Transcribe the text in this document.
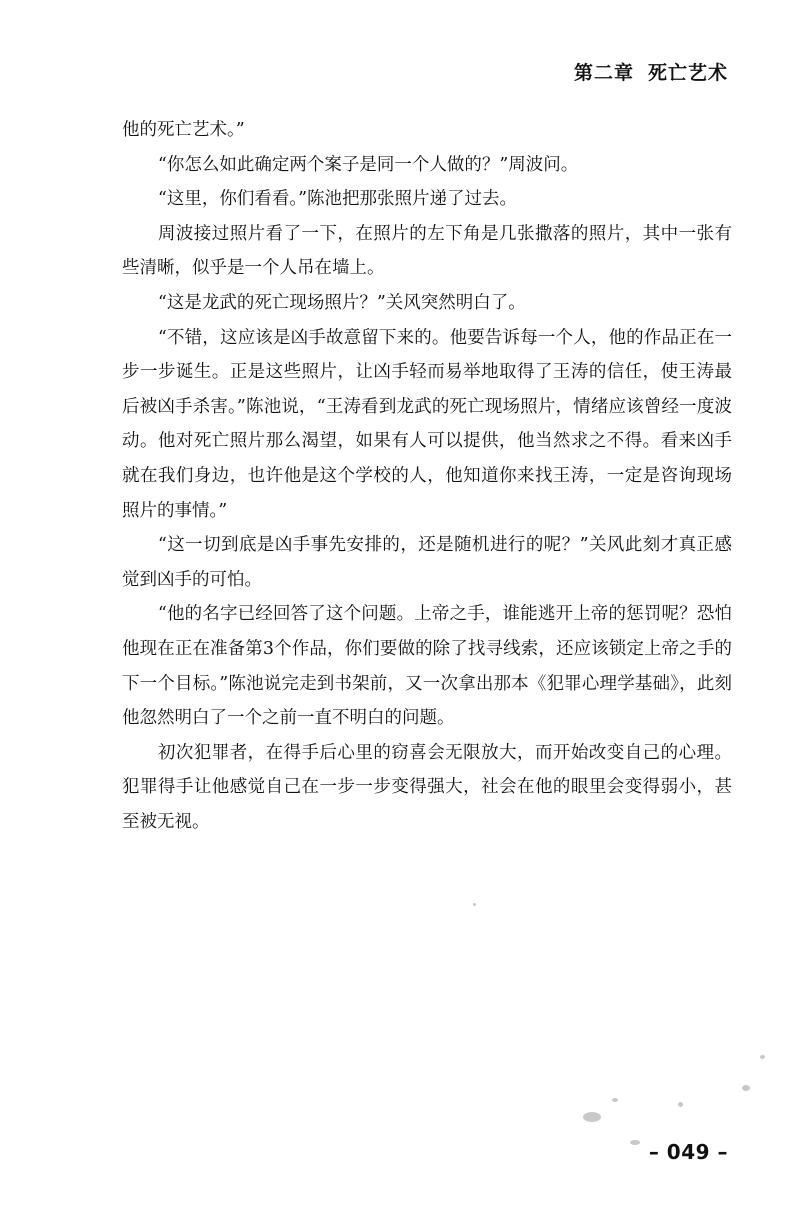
第二章 死亡艺术

他的死亡艺术。”

“你怎么如此确定两个案子是同一个人做的？”周波问。

“这里，你们看看。”陈池把那张照片递了过去。

周波接过照片看了一下，在照片的左下角是几张撒落的照片，其中一张有些清晰，似乎是一个人吊在墙上。

“这是龙武的死亡现场照片？”关风突然明白了。

“不错，这应该是凶手故意留下来的。他要告诉每一个人，他的作品正在一步一步诞生。正是这些照片，让凶手轻而易举地取得了王涛的信任，使王涛最后被凶手杀害。”陈池说，“王涛看到龙武的死亡现场照片，情绪应该曾经一度波动。他对死亡照片那么渴望，如果有人可以提供，他当然求之不得。看来凶手就在我们身边，也许他是这个学校的人，他知道你来找王涛，一定是咨询现场照片的事情。”

“这一切到底是凶手事先安排的，还是随机进行的呢？”关风此刻才真正感觉到凶手的可怕。

“他的名字已经回答了这个问题。上帝之手，谁能逃开上帝的惩罚呢？恐怕他现在正在准备第3个作品，你们要做的除了找寻线索，还应该锁定上帝之手的下一个目标。”陈池说完走到书架前，又一次拿出那本《犯罪心理学基础》，此刻他忽然明白了一个之前一直不明白的问题。

初次犯罪者，在得手后心里的窃喜会无限放大，而开始改变自己的心理。犯罪得手让他感觉自己在一步一步变得强大，社会在他的眼里会变得弱小，甚至被无视。

– 049 –
